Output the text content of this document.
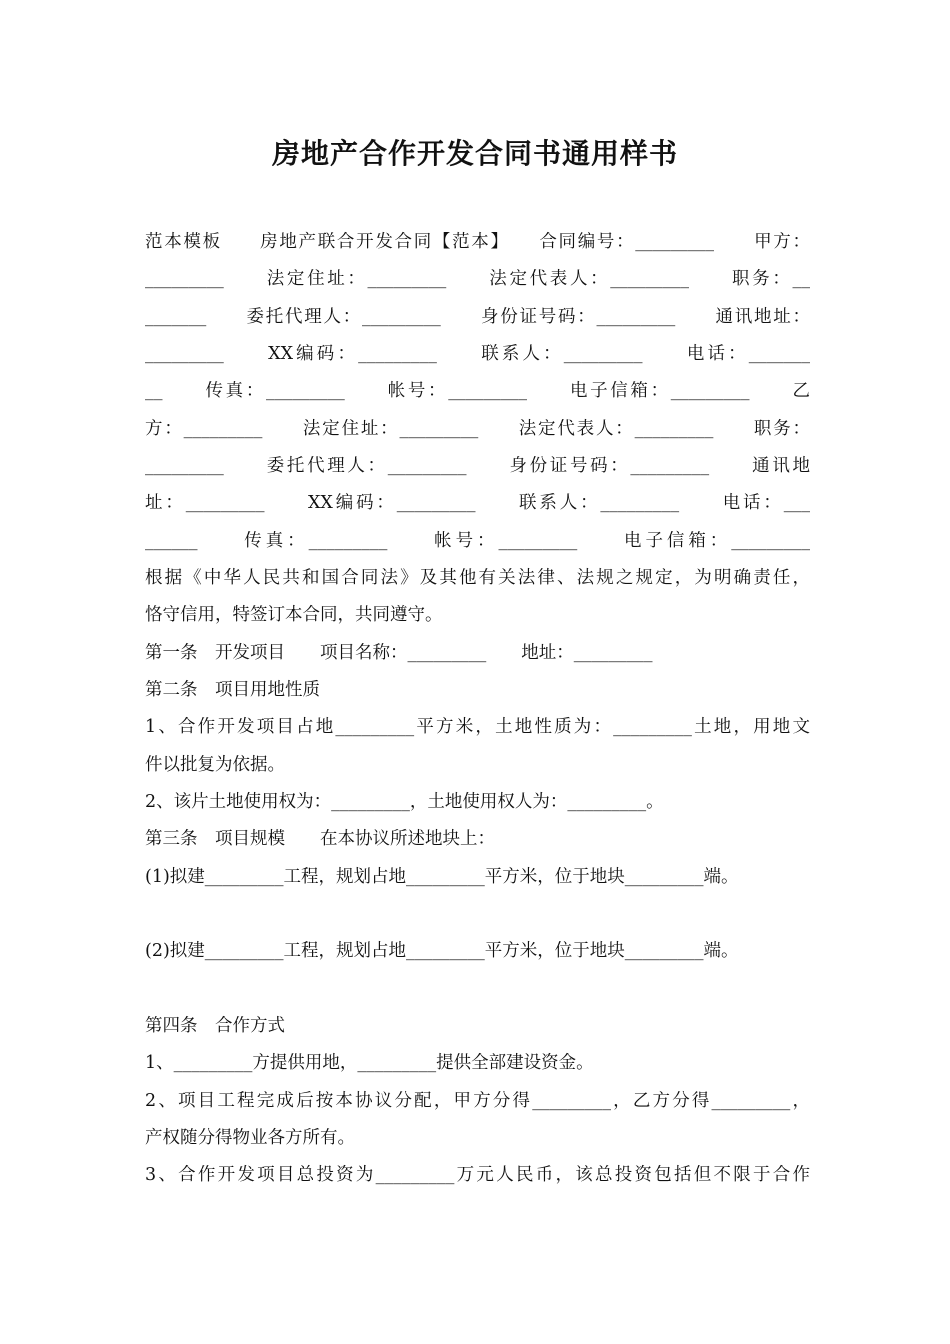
房地产合作开发合同书通用样书
范本模板　　房地产联合开发合同【范本】　　合同编号：_________　　甲方：
_________　　法定住址：_________　　法定代表人：_________　　职务：__
_______　　委托代理人：_________　　身份证号码：_________　　通讯地址：
_________　　XX编码：_________　　联系人：_________　　电话：_______
__　　传真：_________　　帐号：_________　　电子信箱：_________　　乙
方：_________　　法定住址：_________　　法定代表人：_________　　职务：
_________　　委托代理人：_________　　身份证号码：_________　　通讯地
址：_________　　XX编码：_________　　联系人：_________　　电话：___
______　　传真：_________　　帐号：_________　　电子信箱：_________
根据《中华人民共和国合同法》及其他有关法律、法规之规定，为明确责任，
恪守信用，特签订本合同，共同遵守。
第一条　开发项目　　项目名称：_________　　地址：_________
第二条　项目用地性质
1、合作开发项目占地_________平方米，土地性质为：_________土地，用地文
件以批复为依据。
2、该片土地使用权为：_________，土地使用权人为：_________。
第三条　项目规模　　在本协议所述地块上：
(1)拟建_________工程，规划占地_________平方米，位于地块_________端。
(2)拟建_________工程，规划占地_________平方米，位于地块_________端。
第四条　合作方式
1、_________方提供用地，_________提供全部建设资金。
2、项目工程完成后按本协议分配，甲方分得_________，乙方分得_________，
产权随分得物业各方所有。
3、合作开发项目总投资为_________万元人民币，该总投资包括但不限于合作
